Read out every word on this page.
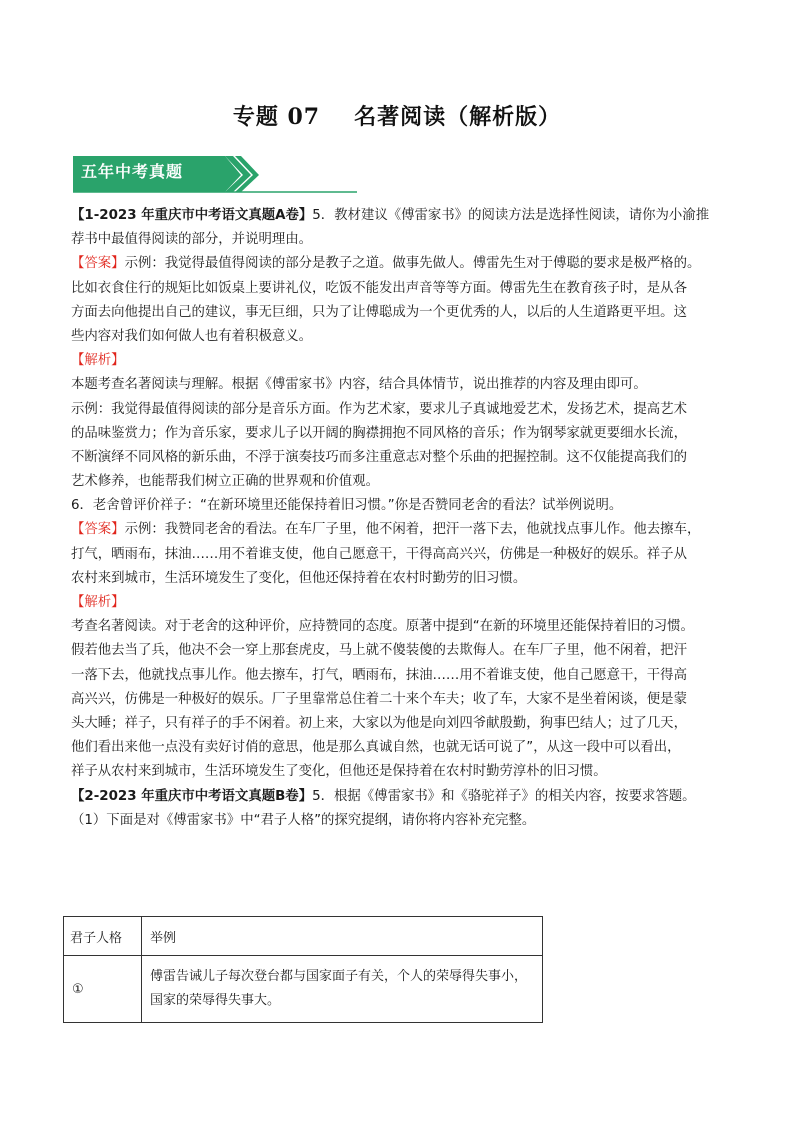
专题 07 名著阅读（解析版）
五年中考真题
【1-2023 年重庆市中考语文真题A卷】5．教材建议《傅雷家书》的阅读方法是选择性阅读，请你为小渝推
荐书中最值得阅读的部分，并说明理由。
【答案】示例：我觉得最值得阅读的部分是教子之道。做事先做人。傅雷先生对于傅聪的要求是极严格的。
比如衣食住行的规矩比如饭桌上要讲礼仪，吃饭不能发出声音等等方面。傅雷先生在教育孩子时，是从各
方面去向他提出自己的建议，事无巨细，只为了让傅聪成为一个更优秀的人，以后的人生道路更平坦。这
些内容对我们如何做人也有着积极意义。
【解析】
本题考查名著阅读与理解。根据《傅雷家书》内容，结合具体情节，说出推荐的内容及理由即可。
示例：我觉得最值得阅读的部分是音乐方面。作为艺术家，要求儿子真诚地爱艺术，发扬艺术，提高艺术
的品味鉴赏力；作为音乐家，要求儿子以开阔的胸襟拥抱不同风格的音乐；作为钢琴家就更要细水长流，
不断演绎不同风格的新乐曲，不浮于演奏技巧而多注重意志对整个乐曲的把握控制。这不仅能提高我们的
艺术修养，也能帮我们树立正确的世界观和价值观。
6．老舍曾评价祥子：“在新环境里还能保持着旧习惯。”你是否赞同老舍的看法？试举例说明。
【答案】示例：我赞同老舍的看法。在车厂子里，他不闲着，把汗一落下去，他就找点事儿作。他去擦车，
打气，晒雨布，抹油……用不着谁支使，他自己愿意干，干得高高兴兴，仿佛是一种极好的娱乐。祥子从
农村来到城市，生活环境发生了变化，但他还保持着在农村时勤劳的旧习惯。
【解析】
考查名著阅读。对于老舍的这种评价，应持赞同的态度。原著中提到“在新的环境里还能保持着旧的习惯。
假若他去当了兵，他决不会一穿上那套虎皮，马上就不傻装傻的去欺侮人。在车厂子里，他不闲着，把汗
一落下去，他就找点事儿作。他去擦车，打气，晒雨布，抹油……用不着谁支使，他自己愿意干，干得高
高兴兴，仿佛是一种极好的娱乐。厂子里靠常总住着二十来个车夫；收了车，大家不是坐着闲谈，便是蒙
头大睡；祥子，只有祥子的手不闲着。初上来，大家以为他是向刘四爷献殷勤，狗事巴结人；过了几天，
他们看出来他一点没有卖好讨俏的意思，他是那么真诚自然，也就无话可说了”，从这一段中可以看出，
祥子从农村来到城市，生活环境发生了变化，但他还是保持着在农村时勤劳淳朴的旧习惯。
【2-2023 年重庆市中考语文真题B卷】5．根据《傅雷家书》和《骆驼祥子》的相关内容，按要求答题。
（1）下面是对《傅雷家书》中“君子人格”的探究提纲，请你将内容补充完整。
君子人格	举例
①	傅雷告诫儿子每次登台都与国家面子有关，个人的荣辱得失事小，国家的荣辱得失事大。
